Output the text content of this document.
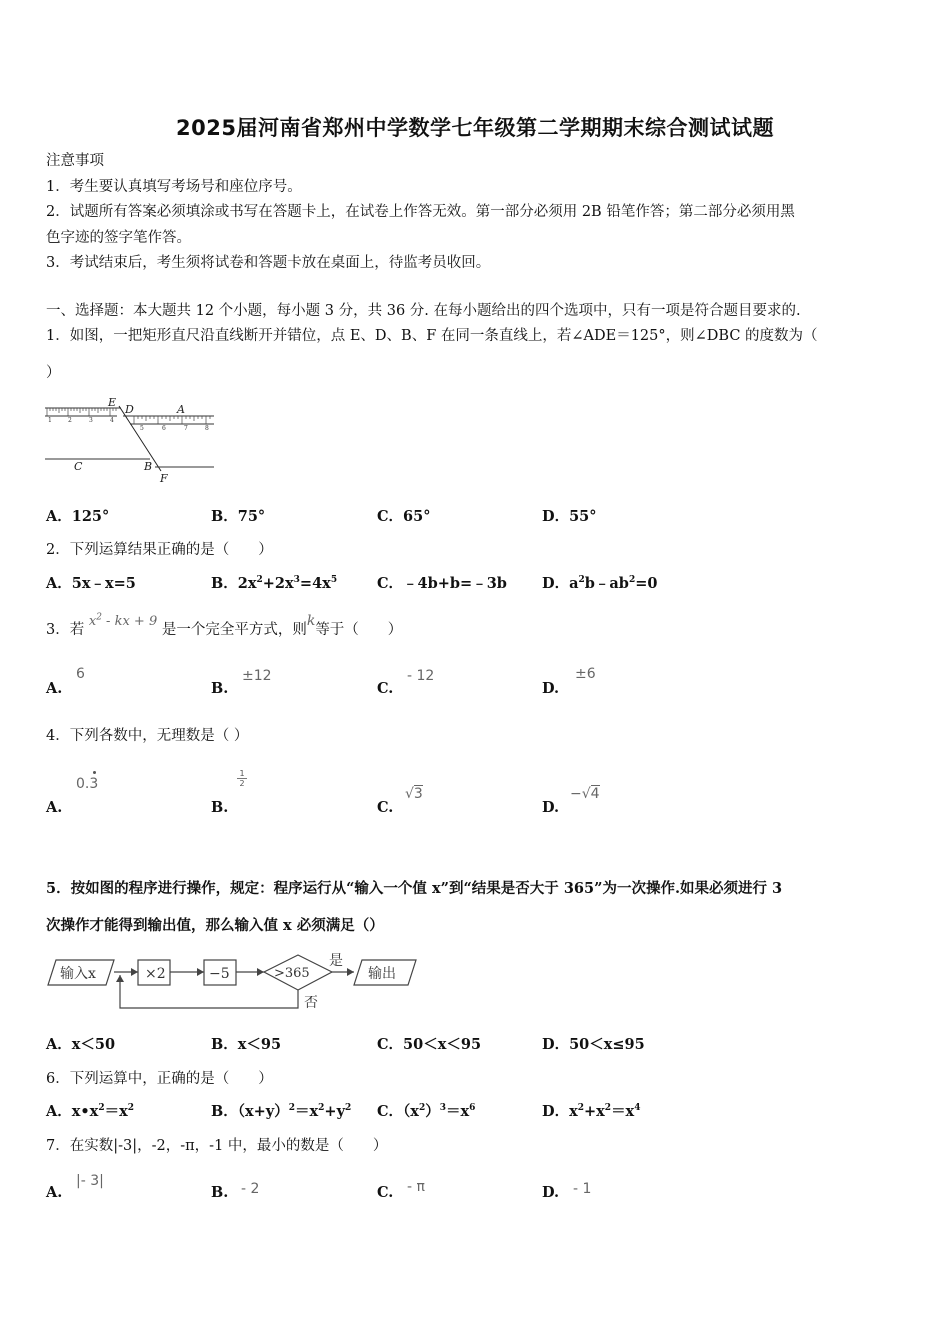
2025届河南省郑州中学数学七年级第二学期期末综合测试试题
注意事项
1．考生要认真填写考场号和座位序号。
2．试题所有答案必须填涂或书写在答题卡上，在试卷上作答无效。第一部分必须用 2B 铅笔作答；第二部分必须用黑
色字迹的签字笔作答。
3．考试结束后，考生须将试卷和答题卡放在桌面上，待监考员收回。
一、选择题：本大题共 12 个小题，每小题 3 分，共 36 分. 在每小题给出的四个选项中，只有一项是符合题目要求的.
1．如图，一把矩形直尺沿直线断开并错位，点 E、D、B、F 在同一条直线上，若∠ADE＝125°，则∠DBC 的度数为（
）
1	2	3	4
5	6	7	8
E
D	A
C	B
F
A．125°	B．75°	C．65°	D．55°
2．下列运算结果正确的是（　　）
A．5x﹣x=5	B．$2x^2+2x^3=4x^5$	C．﹣4b+b=﹣3b D．$a^2b﹣ab^2=0$
3．若 $x^2$ - kx + 9 是一个完全平方式，则k等于（　　）
A.
6
B.
±12
C.
- 12
D.
±6
4．下列各数中，无理数是（ ）
A.
0.3
B.
1
2
C.
√3
D.
−√4
5．按如图的程序进行操作，规定：程序运行从“输入一个值 x”到“结果是否大于 365”为一次操作.如果必须进行 3
次操作才能得到输出值，那么输入值 x 必须满足（）
输入x	×2	−5	>365
是
否
输出
A．x＜50	B．x＜95	C．50＜x＜95	D．50＜x≤95
6．下列运算中，正确的是（　　）
A．$x•x^2=x^2$	B．$(x+y)^2=x^2+y^2$ C．$(x^2)^3=x^6$	D．$x^2+x^2=x^4$
7．在实数|-3|，-2，-π，-1 中，最小的数是（　　）
A.
|- 3|
B. - 2	C. - π	D. - 1
